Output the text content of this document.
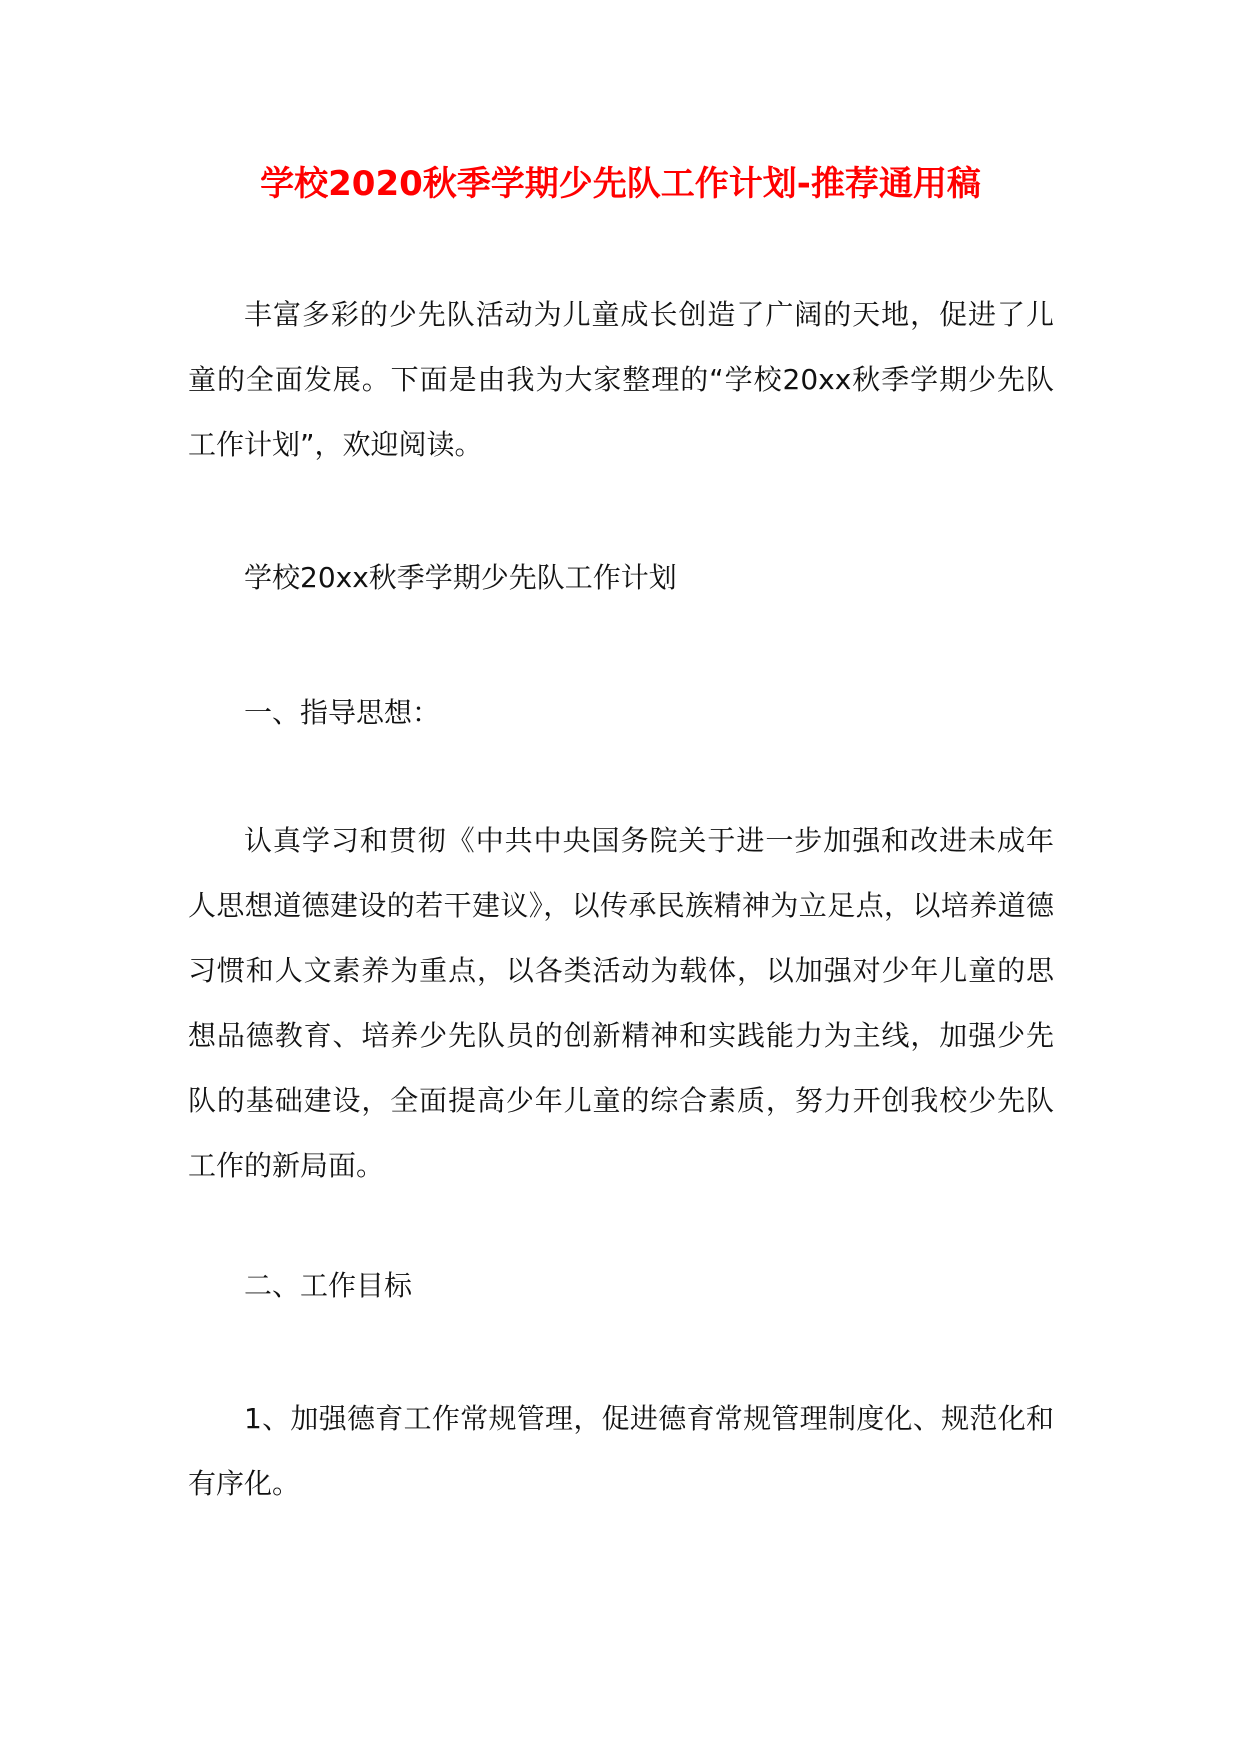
学校2020秋季学期少先队工作计划-推荐通用稿

丰富多彩的少先队活动为儿童成长创造了广阔的天地，促进了儿童的全面发展。下面是由我为大家整理的“学校20xx秋季学期少先队工作计划”，欢迎阅读。

学校20xx秋季学期少先队工作计划

一、指导思想：

认真学习和贯彻《中共中央国务院关于进一步加强和改进未成年人思想道德建设的若干建议》，以传承民族精神为立足点，以培养道德习惯和人文素养为重点，以各类活动为载体，以加强对少年儿童的思想品德教育、培养少先队员的创新精神和实践能力为主线，加强少先队的基础建设，全面提高少年儿童的综合素质，努力开创我校少先队工作的新局面。

二、工作目标

1、加强德育工作常规管理，促进德育常规管理制度化、规范化和有序化。
